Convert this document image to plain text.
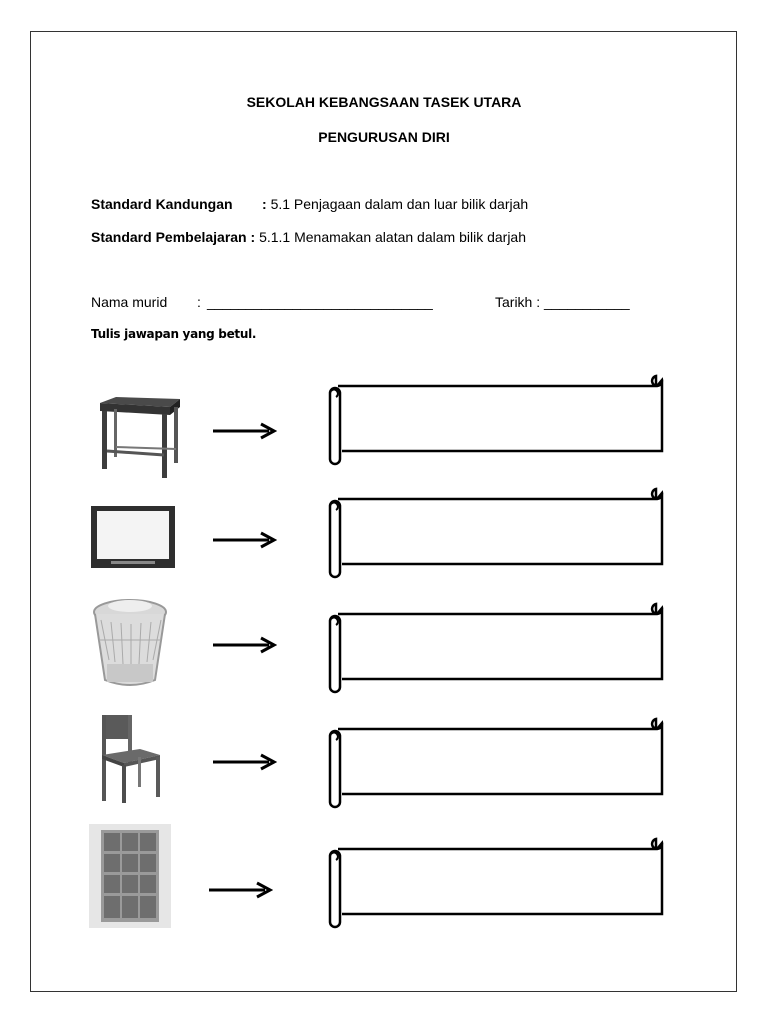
SEKOLAH KEBANGSAAN TASEK UTARA
PENGURUSAN DIRI
Standard Kandungan : 5.1 Penjagaan dalam dan luar bilik darjah
Standard Pembelajaran : 5.1.1 Menamakan alatan dalam bilik darjah
Nama murid : _____________________________	Tarikh : ___________
Tulis jawapan yang betul.
